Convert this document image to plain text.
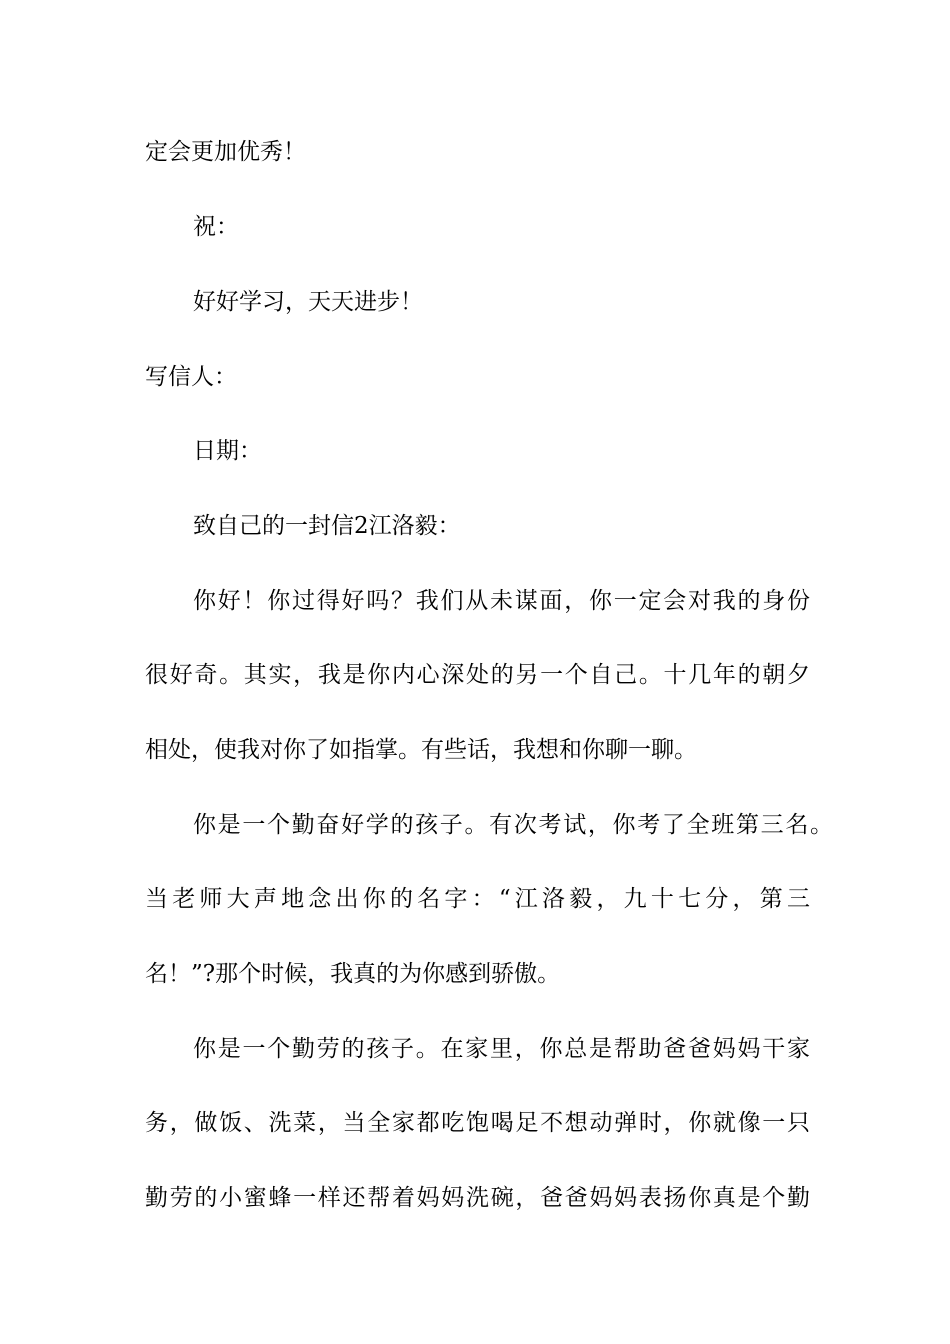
定会更加优秀！
祝：
好好学习，天天进步！
写信人：
日期：
致自己的一封信2江洛毅：
你好！你过得好吗？我们从未谋面，你一定会对我的身份
很好奇。其实，我是你内心深处的另一个自己。十几年的朝夕
相处，使我对你了如指掌。有些话，我想和你聊一聊。
你是一个勤奋好学的孩子。有次考试，你考了全班第三名。
当老师大声地念出你的名字：“江洛毅，九十七分，第三
名！”?那个时候，我真的为你感到骄傲。
你是一个勤劳的孩子。在家里，你总是帮助爸爸妈妈干家
务，做饭、洗菜，当全家都吃饱喝足不想动弹时，你就像一只
勤劳的小蜜蜂一样还帮着妈妈洗碗，爸爸妈妈表扬你真是个勤
